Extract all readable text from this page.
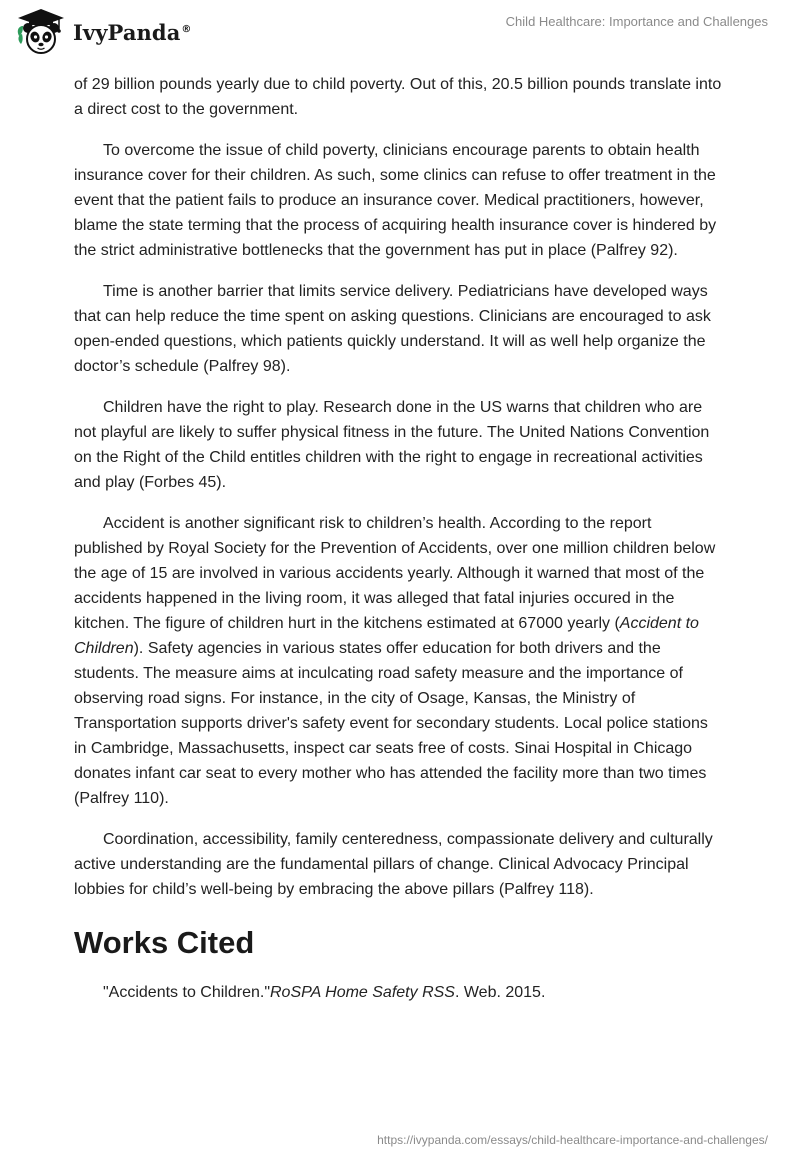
IvyPanda®	Child Healthcare: Importance and Challenges

of 29 billion pounds yearly due to child poverty. Out of this, 20.5 billion pounds translate into a direct cost to the government.

To overcome the issue of child poverty, clinicians encourage parents to obtain health insurance cover for their children. As such, some clinics can refuse to offer treatment in the event that the patient fails to produce an insurance cover. Medical practitioners, however, blame the state terming that the process of acquiring health insurance cover is hindered by the strict administrative bottlenecks that the government has put in place (Palfrey 92).

Time is another barrier that limits service delivery. Pediatricians have developed ways that can help reduce the time spent on asking questions. Clinicians are encouraged to ask open-ended questions, which patients quickly understand. It will as well help organize the doctor’s schedule (Palfrey 98).

Children have the right to play. Research done in the US warns that children who are not playful are likely to suffer physical fitness in the future. The United Nations Convention on the Right of the Child entitles children with the right to engage in recreational activities and play (Forbes 45).

Accident is another significant risk to children’s health. According to the report published by Royal Society for the Prevention of Accidents, over one million children below the age of 15 are involved in various accidents yearly. Although it warned that most of the accidents happened in the living room, it was alleged that fatal injuries occured in the kitchen. The figure of children hurt in the kitchens estimated at 67000 yearly (Accident to Children). Safety agencies in various states offer education for both drivers and the students. The measure aims at inculcating road safety measure and the importance of observing road signs. For instance, in the city of Osage, Kansas, the Ministry of Transportation supports driver's safety event for secondary students. Local police stations in Cambridge, Massachusetts, inspect car seats free of costs. Sinai Hospital in Chicago donates infant car seat to every mother who has attended the facility more than two times (Palfrey 110).

Coordination, accessibility, family centeredness, compassionate delivery and culturally active understanding are the fundamental pillars of change. Clinical Advocacy Principal lobbies for child’s well-being by embracing the above pillars (Palfrey 118).

Works Cited

"Accidents to Children."RoSPA Home Safety RSS. Web. 2015.

https://ivypanda.com/essays/child-healthcare-importance-and-challenges/
